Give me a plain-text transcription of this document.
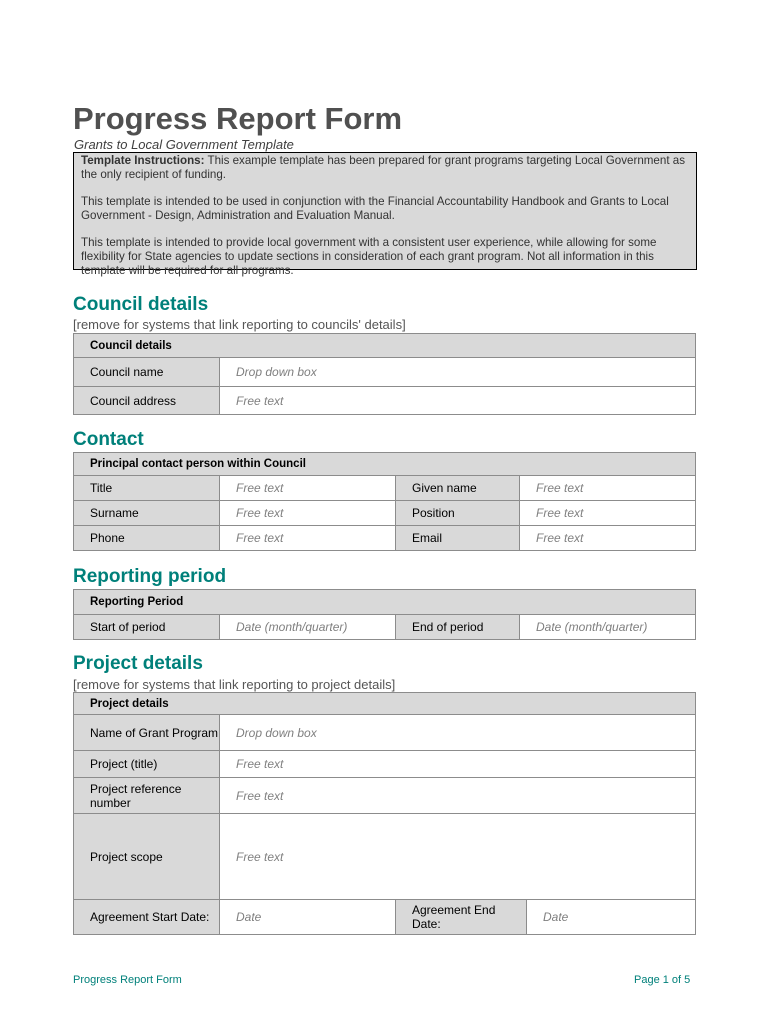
Progress Report Form
Grants to Local Government Template

Template Instructions: This example template has been prepared for grant programs targeting Local Government as the only recipient of funding.

This template is intended to be used in conjunction with the Financial Accountability Handbook and Grants to Local Government - Design, Administration and Evaluation Manual.

This template is intended to provide local government with a consistent user experience, while allowing for some flexibility for State agencies to update sections in consideration of each grant program. Not all information in this template will be required for all programs.

Council details
[remove for systems that link reporting to councils' details]
Council details	
Council name	Drop down box
Council address	Free text
Contact
Principal contact person within Council			
Title	Free text	Given name	Free text
Surname	Free text	Position	Free text
Phone	Free text	Email	Free text
Reporting period
Reporting Period
Start of period	Date (month/quarter)	End of period	Date (month/quarter)
Project details
[remove for systems that link reporting to project details]
Project details			
Name of Grant Program	Drop down box		
Project (title)	Free text		
Project reference number	Free text		
Project scope	Free text		
Agreement Start Date:	Date	Agreement End Date:	Date
Progress Report Form	Page 1 of 5
